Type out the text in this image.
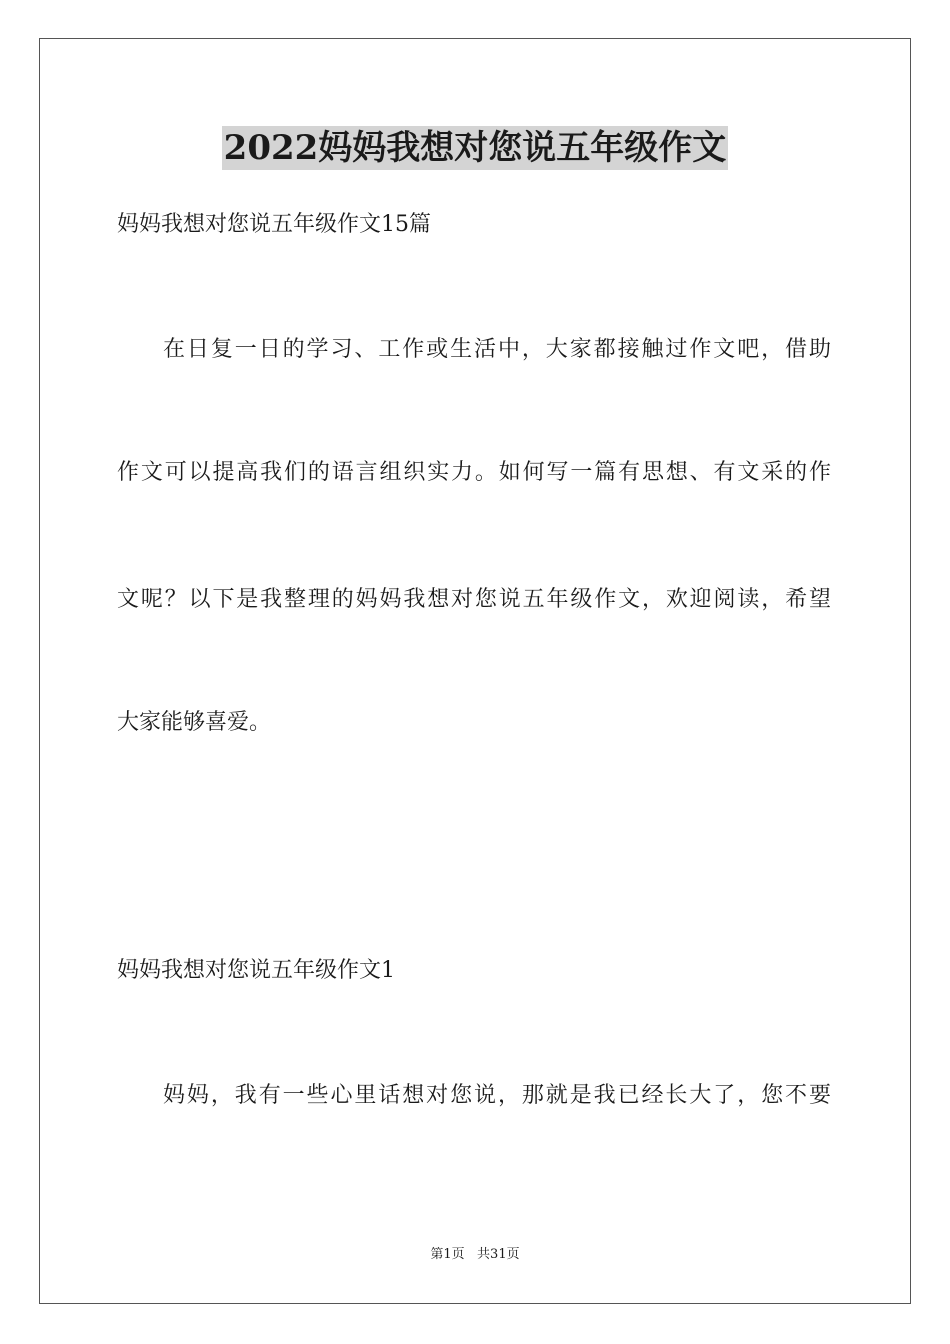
2022妈妈我想对您说五年级作文
妈妈我想对您说五年级作文15篇
在日复一日的学习、工作或生活中，大家都接触过作文吧，借助
作文可以提高我们的语言组织实力。如何写一篇有思想、有文采的作
文呢？以下是我整理的妈妈我想对您说五年级作文，欢迎阅读，希望
大家能够喜爱。
妈妈我想对您说五年级作文1
妈妈，我有一些心里话想对您说，那就是我已经长大了，您不要
第1页   共31页
